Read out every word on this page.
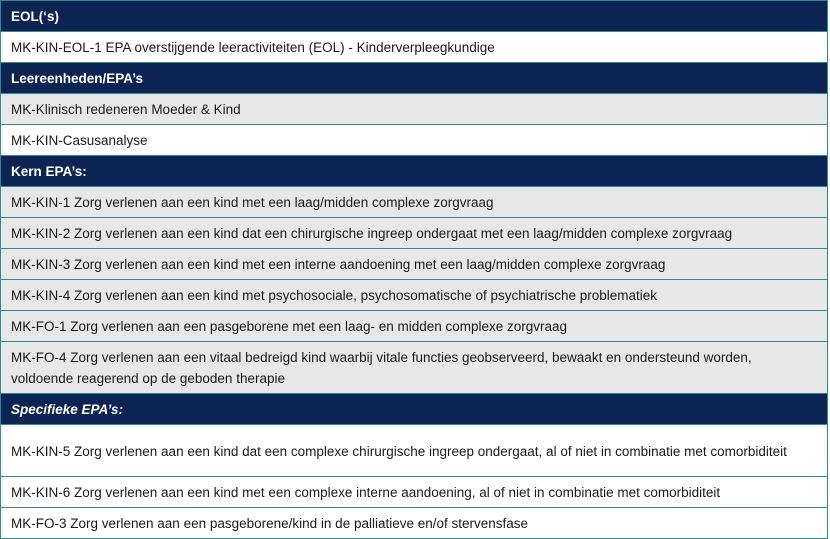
EOL(‘s)
MK-KIN-EOL-1 EPA overstijgende leeractiviteiten (EOL) - Kinderverpleegkundige
Leereenheden/EPA’s
MK-Klinisch redeneren Moeder & Kind
MK-KIN-Casusanalyse
Kern EPA’s:
MK-KIN-1 Zorg verlenen aan een kind met een laag/midden complexe zorgvraag
MK-KIN-2 Zorg verlenen aan een kind dat een chirurgische ingreep ondergaat met een laag/midden complexe zorgvraag
MK-KIN-3 Zorg verlenen aan een kind met een interne aandoening met een laag/midden complexe zorgvraag
MK-KIN-4 Zorg verlenen aan een kind met psychosociale, psychosomatische of psychiatrische problematiek
MK-FO-1 Zorg verlenen aan een pasgeborene met een laag- en midden complexe zorgvraag
MK-FO-4 Zorg verlenen aan een vitaal bedreigd kind waarbij vitale functies geobserveerd, bewaakt en ondersteund worden, voldoende reagerend op de geboden therapie
Specifieke EPA’s:
MK-KIN-5 Zorg verlenen aan een kind dat een complexe chirurgische ingreep ondergaat, al of niet in combinatie met comorbiditeit
MK-KIN-6 Zorg verlenen aan een kind met een complexe interne aandoening, al of niet in combinatie met comorbiditeit
MK-FO-3 Zorg verlenen aan een pasgeborene/kind in de palliatieve en/of stervensfase
